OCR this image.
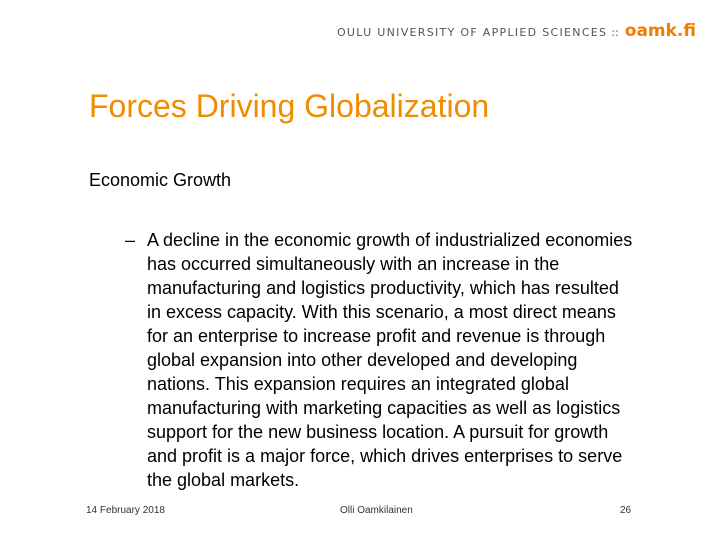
OULU UNIVERSITY OF APPLIED SCIENCES :: oamk.fi
Forces Driving Globalization
Economic Growth
– A decline in the economic growth of industrialized economies has occurred simultaneously with an increase in the manufacturing and logistics productivity, which has resulted in excess capacity. With this scenario, a most direct means for an enterprise to increase profit and revenue is through global expansion into other developed and developing nations. This expansion requires an integrated global manufacturing with marketing capacities as well as logistics support for the new business location. A pursuit for growth and profit is a major force, which drives enterprises to serve the global markets.
14 February 2018	Olli Oamkilainen	26
